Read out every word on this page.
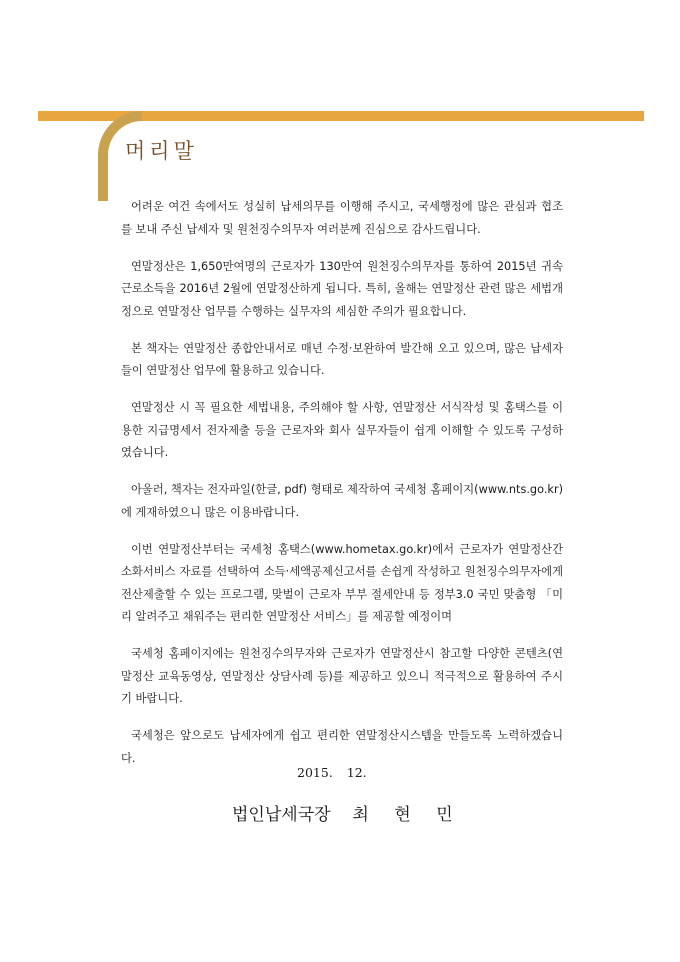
머리말

어려운 여건 속에서도 성실히 납세의무를 이행해 주시고, 국세행정에 많은 관심과 협조를 보내 주신 납세자 및 원천징수의무자 여러분께 진심으로 감사드립니다.

연말정산은 1,650만여명의 근로자가 130만여 원천징수의무자를 통하여 2015년 귀속 근로소득을 2016년 2월에 연말정산하게 됩니다. 특히, 올해는 연말정산 관련 많은 세법개정으로 연말정산 업무를 수행하는 실무자의 세심한 주의가 필요합니다.

본 책자는 연말정산 종합안내서로 매년 수정·보완하여 발간해 오고 있으며, 많은 납세자들이 연말정산 업무에 활용하고 있습니다.

연말정산 시 꼭 필요한 세법내용, 주의해야 할 사항, 연말정산 서식작성 및 홈택스를 이용한 지급명세서 전자제출 등을 근로자와 회사 실무자들이 쉽게 이해할 수 있도록 구성하였습니다.

아울러, 책자는 전자파일(한글, pdf) 형태로 제작하여 국세청 홈페이지(www.nts.go.kr)에 게재하였으니 많은 이용바랍니다.

이번 연말정산부터는 국세청 홈택스(www.hometax.go.kr)에서 근로자가 연말정산간소화서비스 자료를 선택하여 소득·세액공제신고서를 손쉽게 작성하고 원천징수의무자에게 전산제출할 수 있는 프로그램, 맞벌이 근로자 부부 절세안내 등 정부3.0 국민 맞춤형 「미리 알려주고 채워주는 편리한 연말정산 서비스」를 제공할 예정이며

국세청 홈페이지에는 원천징수의무자와 근로자가 연말정산시 참고할 다양한 콘텐츠(연말정산 교육동영상, 연말정산 상담사례 등)를 제공하고 있으니 적극적으로 활용하여 주시기 바랍니다.

국세청은 앞으로도 납세자에게 쉽고 편리한 연말정산시스템을 만들도록 노력하겠습니다.

2015. 12.
법인납세국장 최 현 민
